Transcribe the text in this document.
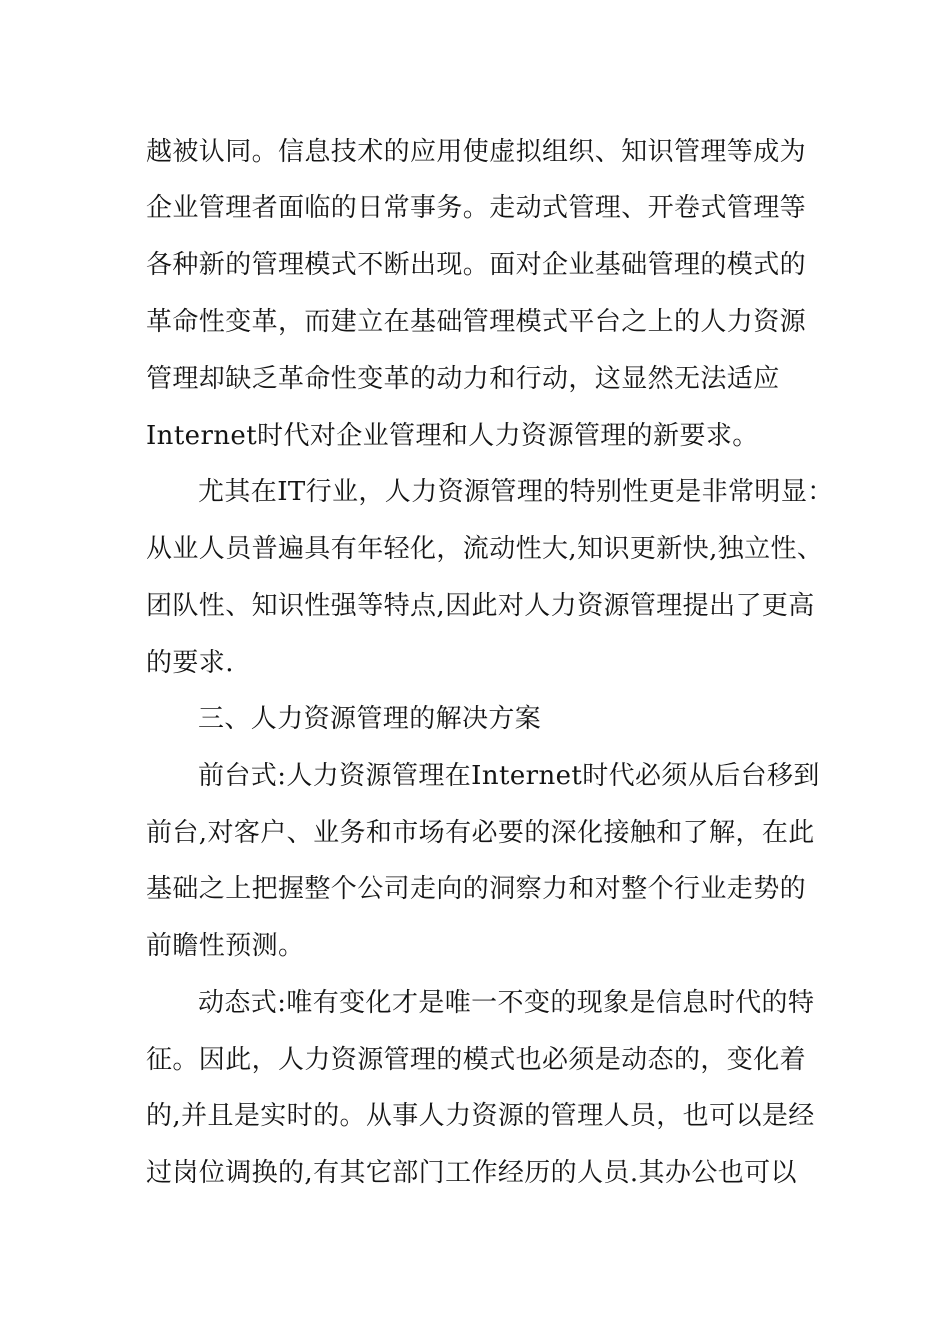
越被认同。信息技术的应用使虚拟组织、知识管理等成为
企业管理者面临的日常事务。走动式管理、开卷式管理等
各种新的管理模式不断出现。面对企业基础管理的模式的
革命性变革，而建立在基础管理模式平台之上的人力资源
管理却缺乏革命性变革的动力和行动，这显然无法适应
Internet时代对企业管理和人力资源管理的新要求。
尤其在IT行业，人力资源管理的特别性更是非常明显：
从业人员普遍具有年轻化，流动性大,知识更新快,独立性、
团队性、知识性强等特点,因此对人力资源管理提出了更高
的要求.
三、人力资源管理的解决方案
前台式:人力资源管理在Internet时代必须从后台移到
前台,对客户、业务和市场有必要的深化接触和了解，在此
基础之上把握整个公司走向的洞察力和对整个行业走势的
前瞻性预测。
动态式:唯有变化才是唯一不变的现象是信息时代的特
征。因此，人力资源管理的模式也必须是动态的，变化着
的,并且是实时的。从事人力资源的管理人员，也可以是经
过岗位调换的,有其它部门工作经历的人员.其办公也可以
